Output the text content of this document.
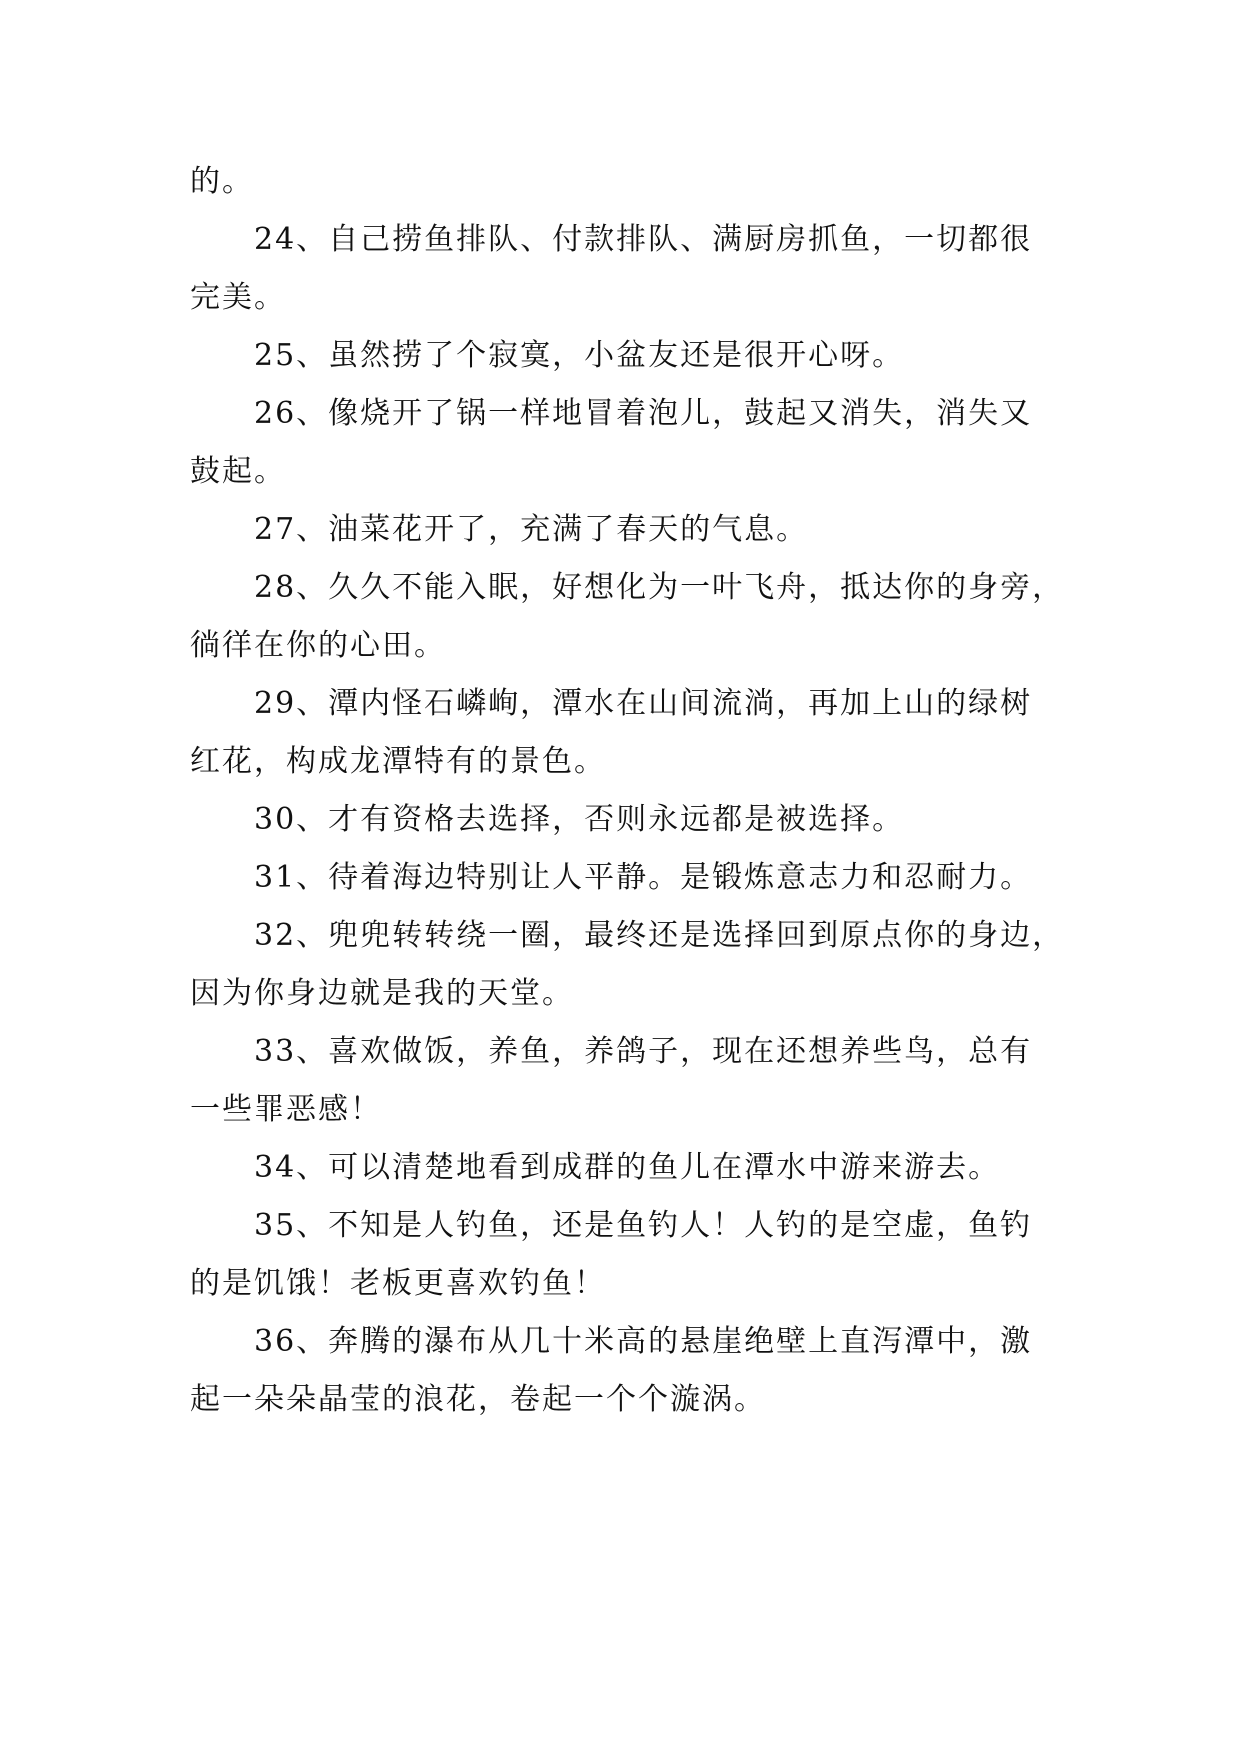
的。

24、自己捞鱼排队、付款排队、满厨房抓鱼，一切都很

完美。

25、虽然捞了个寂寞，小盆友还是很开心呀。

26、像烧开了锅一样地冒着泡儿，鼓起又消失，消失又

鼓起。

27、油菜花开了，充满了春天的气息。

28、久久不能入眠，好想化为一叶飞舟，抵达你的身旁，

徜徉在你的心田。

29、潭内怪石嶙峋，潭水在山间流淌，再加上山的绿树

红花，构成龙潭特有的景色。

30、才有资格去选择，否则永远都是被选择。

31、待着海边特别让人平静。是锻炼意志力和忍耐力。

32、兜兜转转绕一圈，最终还是选择回到原点你的身边，

因为你身边就是我的天堂。

33、喜欢做饭，养鱼，养鸽子，现在还想养些鸟，总有

一些罪恶感！

34、可以清楚地看到成群的鱼儿在潭水中游来游去。

35、不知是人钓鱼，还是鱼钓人！人钓的是空虚，鱼钓

的是饥饿！老板更喜欢钓鱼！

36、奔腾的瀑布从几十米高的悬崖绝壁上直泻潭中，激

起一朵朵晶莹的浪花，卷起一个个漩涡。
